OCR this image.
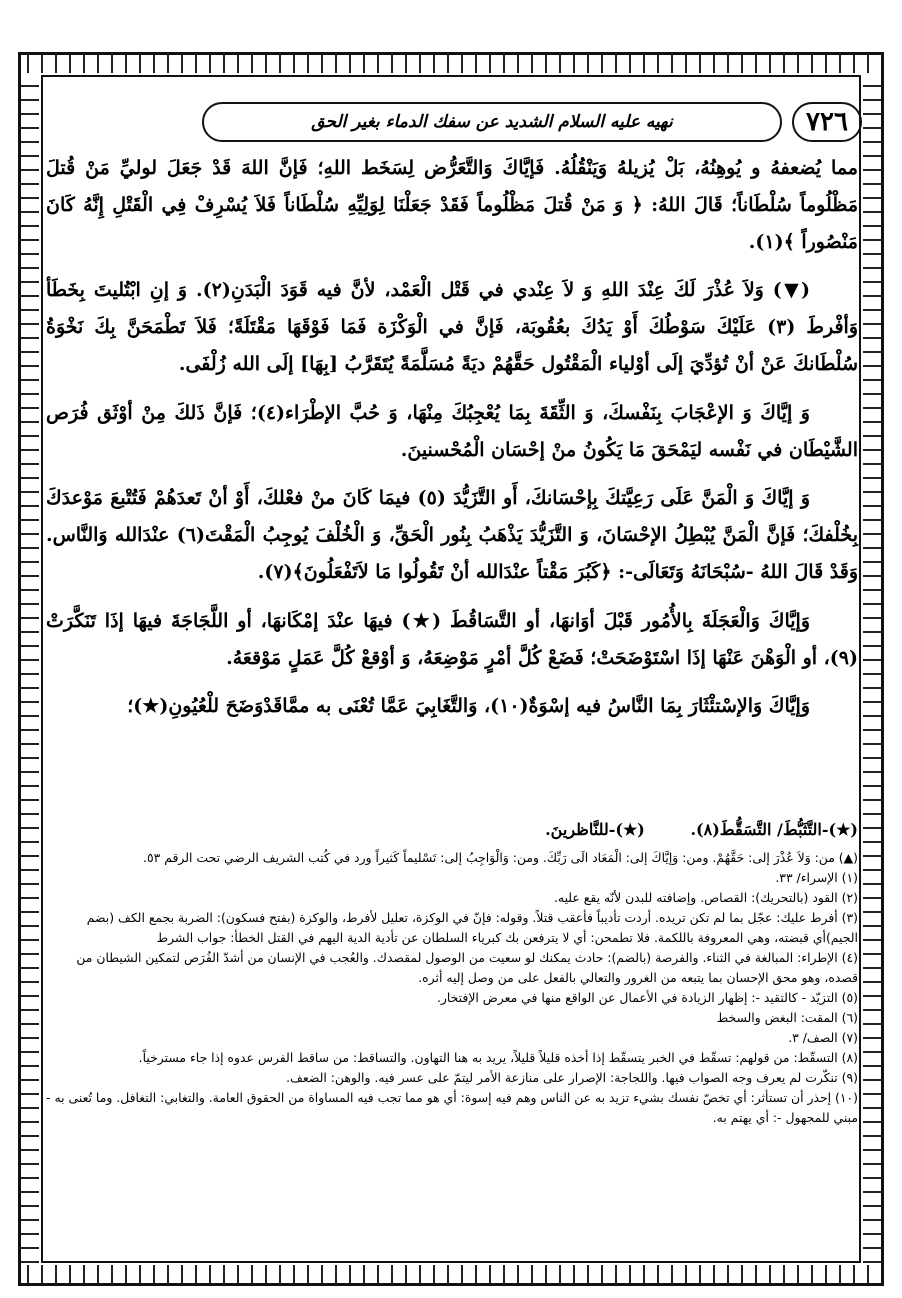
٧٢٦
نهيه عليه السلام الشديد عن سفك الدماء بغير الحق

مما يُضعفهُ و يُوهِنُهُ، بَلْ يُزيلهُ وَيَنْقُلُهُ. فَإيَّاكَ وَالتَّعَرُّض لِسَخَط اللهِ؛ فَإنَّ اللهَ قَدْ جَعَلَ لوليِّ مَنْ قُتلَ مَظْلُوماً سُلْطَاناً؛ قَالَ اللهُ: ﴿ وَ مَنْ قُتلَ مَظْلُوماً فَقَدْ جَعَلْنَا لِوَلِيِّهِ سُلْطَاناً فَلاَ يُسْرِفْ فِي الْقَتْلِ إِنَّهُ كَانَ مَنْصُوراً ﴾(١).

(▼) وَلاَ عُذْرَ لَكَ عِنْدَ اللهِ وَ لاَ عِنْدي في قَتْل الْعَمْد، لأنَّ فيه قَوَدَ الْبَدَنِ(٢). وَ إنِ ابْتُليتَ بِخَطَأ وَأفْرطَ (٣) عَلَيْكَ سَوْطُكَ أَوْ يَدُكَ بعُقُوبَة، فَإنَّ في الْوَكْزَة فَمَا فَوْقَهَا مَقْتَلَةً؛ فَلاَ تَطْمَحَنَّ بِكَ نَخْوَةُ سُلْطَانكَ عَنْ أنْ تُؤدِّيَ إلَى أوْلياء الْمَقْتُول حَقَّهُمْ ديَةً مُسَلَّمَةً يُتَقَرَّبُ [بِهَا] إلَى الله زُلْفَى.

وَ إيَّاكَ وَ الإعْجَابَ بِنَفْسكَ، وَ الثِّقَةَ بِمَا يُعْجِبُكَ مِنْهَا، وَ حُبَّ الإطْرَاء(٤)؛ فَإنَّ ذَلكَ مِنْ أوْثَق فُرَص الشَّيْطَان في نَفْسه ليَمْحَقَ مَا يَكُونُ منْ إحْسَان الْمُحْسنينَ.

وَ إيَّاكَ وَ الْمَنَّ عَلَى رَعِيَّتكَ بِإحْسَانكَ، أَو التَّزَيُّدَ (٥) فيمَا كَانَ منْ فعْلكَ، أَوْ أنْ تَعدَهُمْ فَتُتْبعَ مَوْعدَكَ بِخُلْفكَ؛ فَإنَّ الْمَنَّ يُبْطِلُ الإحْسَانَ، وَ التَّزَيُّدَ يَذْهَبُ بِنُور الْحَقِّ، وَ الْخُلْفَ يُوجِبُ الْمَقْتَ(٦) عنْدَالله وَالنَّاس. وَقَدْ قَالَ اللهُ -سُبْحَانَهُ وَتَعَالَى-: ﴿كَبُرَ مَقْتاً عنْدَالله أنْ تَقُولُوا مَا لاَتَفْعَلُونَ﴾(٧).

وَإيَّاكَ وَالْعَجَلَةَ بِالأُمُور قَبْلَ أوَانهَا، أو التَّسَاقُطَ (★) فيهَا عنْدَ إمْكَانهَا، أو اللَّجَاجَةَ فيهَا إذَا تَنَكَّرَتْ (٩)، أو الْوَهْنَ عَنْهَا إذَا اسْتَوْضَحَتْ؛ فَضَعْ كُلَّ أمْرٍ مَوْضِعَهُ، وَ أوْقعْ كُلَّ عَمَلٍ مَوْقعَهُ.

وَإيَّاكَ وَالإسْتئْثَارَ بِمَا النَّاسُ فيه إسْوَةٌ(١٠)، وَالتَّغَابِيَ عَمَّا تُعْنَى به ممَّاقَدْوَضَحَ للْعُيُونِ(★)؛

(★)-التَّثَبُّطَ/ التَّسَقُّطَ(٨). (★)-للنَّاظرينَ.

(▲) من: وَلاَ عُذْرَ إلى: حَقَّهُمْ. ومن: وَإيَّاكَ إلى: الْمَعَاد الَى رَبِّكَ. ومن: وَالْوَاجِبُ إلى: تَسْليماً كَثيراً ورد في كُتب الشريف الرضي تحت الرقم ٥٣.

(١) الإسراء/ ٣٣.

(٢) القود (بالتحريك): القصاص. وإضافته للبدن لأنّه يقع عليه.

(٣) أفرط عليك: عجّل بما لم تكن تريده. أردت تأديباً فأعقب قتلاً. وقوله: فإنّ في الوكزة، تعليل لأفرط، والوكزة (بفتح فسكون): الضربة بجمع الكف (بضم الجيم)أي قبضته، وهي المعروفة باللكمة. فلا تطمحن: أي لا يترفعن بك كبرياء السلطان عن تأدية الدية اليهم في القتل الخطأ: جواب الشرط

(٤) الإطراء: المبالغة في الثناء. والفرصة (بالضم): حادث يمكنك لو سعيت من الوصول لمقصدك. والعُجب في الإنسان من أشدّ الفُرَص لتمكين الشيطان من قصده، وهو محق الإحسان بما يتبعه من الغرور والتعالي بالفعل على من وصل إليه أثره.

(٥) التزيّد - كالتقيد -: إظهار الزيادة في الأعمال عن الواقع منها في معرض الإفتخار.

(٦) المقت: البغض والسخط

(٧) الصف/ ٣.

(٨) التسقّط: من قولهم: تسقّط في الخبر يتسقّط إذا أخذه قليلاً قليلاً، يريد به هنا التهاون. والتساقط: من ساقط الفرس عدوه إذا جاء مسترخياً.

(٩) تنكّرت لم يعرف وجه الصواب فيها. واللجاجة: الإصرار على منازعة الأمر ليتمّ على عسر فيه. والوهن: الضعف.

(١٠) إحذر أن تستأثر: أي تخصّ نفسك بشيء تزيد به عن الناس وهم فيه إسوة: أي هو مما تجب فيه المساواة من الحقوق العامة. والتغابي: التغافل. وما تُعنى به - مبني للمجهول -: أي يهتم به.
